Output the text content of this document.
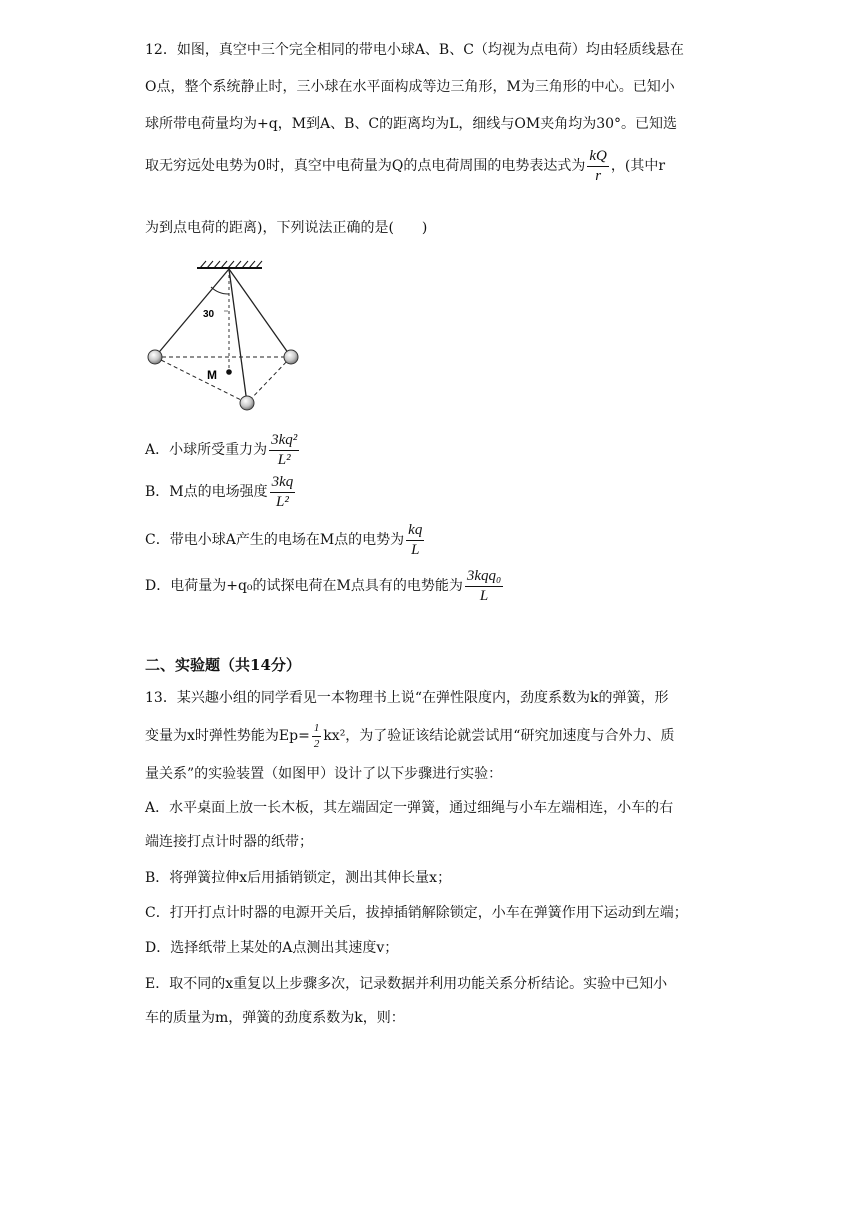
12．如图，真空中三个完全相同的带电小球A、B、C（均视为点电荷）均由轻质线悬在
O点，整个系统静止时，三小球在水平面构成等边三角形，M为三角形的中心。已知小
球所带电荷量均为+q，M到A、B、C的距离均为L，细线与OM夹角均为30°。已知选
取无穷远处电势为0时，真空中电荷量为Q的点电荷周围的电势表达式为 $\frac{kQ}{r}$ ，(其中r
为到点电荷的距离)，下列说法正确的是(　　)
30
M
A．小球所受重力为 $\frac{\text{3kq²}}{\text{L²}}$
B．M点的电场强度 $\frac{3kq}{\text{L²}}$
C．带电小球A产生的电场在M点的电势为 $\frac{kq}{L}$
D．电荷量为+q₀的试探电荷在M点具有的电势能为 $\frac{\text{3kqq₀}}{L}$
二、实验题（共14分）
13．某兴趣小组的同学看见一本物理书上说“在弹性限度内，劲度系数为k的弹簧，形
变量为x时弹性势能为$Ep= \frac{1}{2} kx^2$，为了验证该结论就尝试用“研究加速度与合外力、质
量关系”的实验装置（如图甲）设计了以下步骤进行实验：
A．水平桌面上放一长木板，其左端固定一弹簧，通过细绳与小车左端相连，小车的右
端连接打点计时器的纸带；
B．将弹簧拉伸x后用插销锁定，测出其伸长量x；
C．打开打点计时器的电源开关后，拔掉插销解除锁定，小车在弹簧作用下运动到左端；
D．选择纸带上某处的A点测出其速度v；
E．取不同的x重复以上步骤多次，记录数据并利用功能关系分析结论。实验中已知小
车的质量为m，弹簧的劲度系数为k，则：
